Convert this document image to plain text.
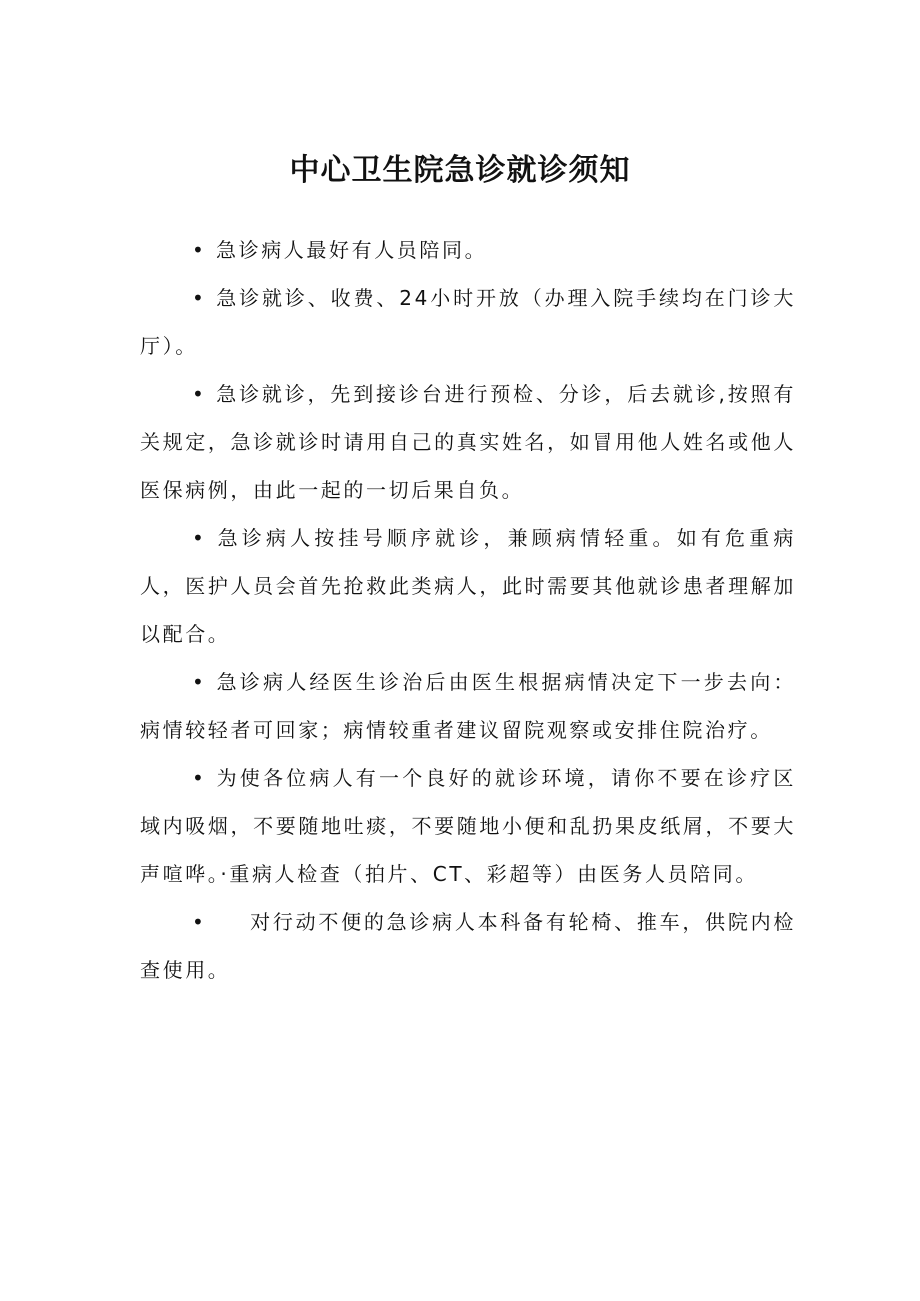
中心卫生院急诊就诊须知

• 急诊病人最好有人员陪同。

• 急诊就诊、收费、24小时开放（办理入院手续均在门诊大厅）。

• 急诊就诊，先到接诊台进行预检、分诊，后去就诊,按照有关规定，急诊就诊时请用自己的真实姓名，如冒用他人姓名或他人医保病例，由此一起的一切后果自负。

• 急诊病人按挂号顺序就诊，兼顾病情轻重。如有危重病人，医护人员会首先抢救此类病人，此时需要其他就诊患者理解加以配合。

• 急诊病人经医生诊治后由医生根据病情决定下一步去向：病情较轻者可回家；病情较重者建议留院观察或安排住院治疗。

• 为使各位病人有一个良好的就诊环境，请你不要在诊疗区域内吸烟，不要随地吐痰，不要随地小便和乱扔果皮纸屑，不要大声喧哗。·重病人检查（拍片、CT、彩超等）由医务人员陪同。

• 对行动不便的急诊病人本科备有轮椅、推车，供院内检查使用。
